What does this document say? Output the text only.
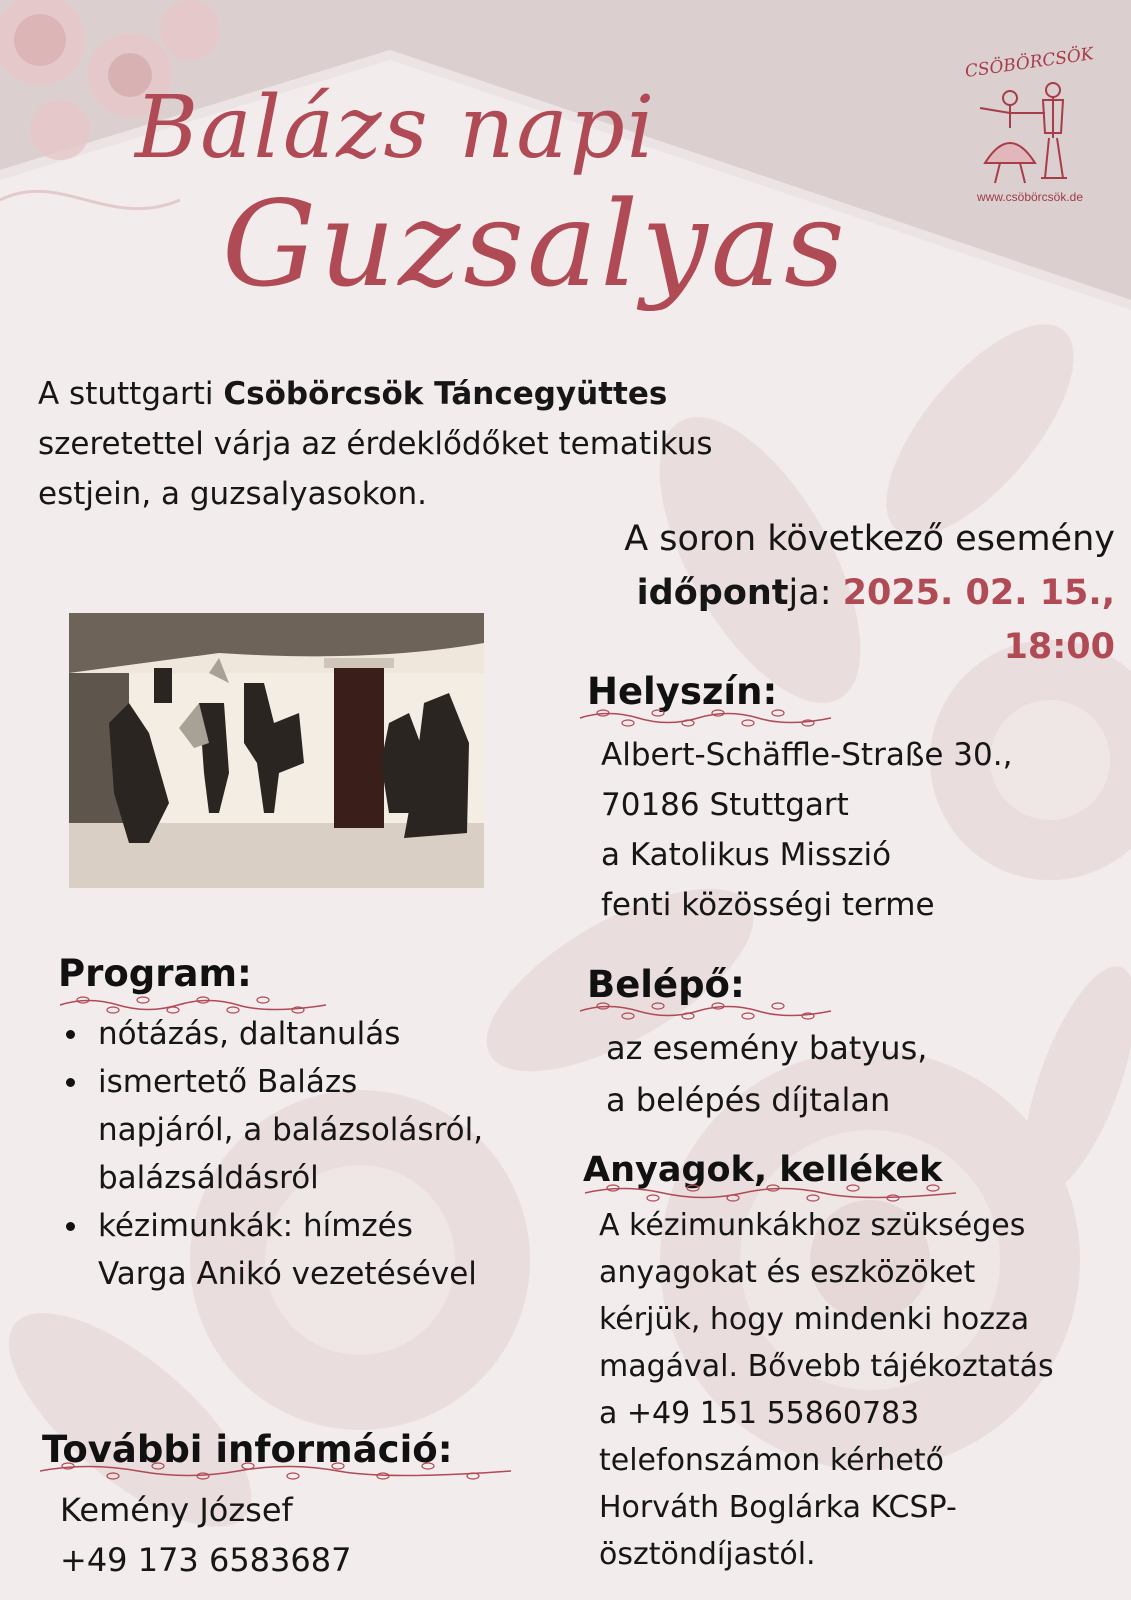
CSÖBÖRCSÖK
www.csöbörcsök.de
Balázs napi
Guzsalyas
A stuttgarti Csöbörcsök Táncegyüttes
szeretettel várja az érdeklődőket tematikus
estjein, a guzsalyasokon.
A soron következő esemény
időpontja: 2025. 02. 15., 18:00
Helyszín:
Albert-Schäffle-Straße 30.,
70186 Stuttgart
a Katolikus Misszió
fenti közösségi terme
Program:
nótázás, daltanulás
ismertető Balázs
napjáról, a balázsolásról,
balázsáldásról
kézimunkák: hímzés
Varga Anikó vezetésével
Belépő:
az esemény batyus,
a belépés díjtalan
Anyagok, kellékek
A kézimunkákhoz szükséges
anyagokat és eszközöket
kérjük, hogy mindenki hozza
magával. Bővebb tájékoztatás
a +49 151 55860783
telefonszámon kérhető
Horváth Boglárka KCSP-
ösztöndíjastól.
További információ:
Kemény József
+49 173 6583687
